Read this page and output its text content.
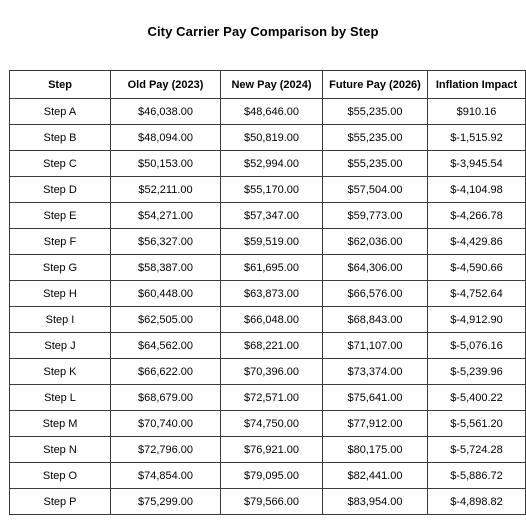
City Carrier Pay Comparison by Step
Step	Old Pay (2023)	New Pay (2024)	Future Pay (2026)	Inflation Impact
Step A	$46,038.00	$48,646.00	$55,235.00	$910.16
Step B	$48,094.00	$50,819.00	$55,235.00	$-1,515.92
Step C	$50,153.00	$52,994.00	$55,235.00	$-3,945.54
Step D	$52,211.00	$55,170.00	$57,504.00	$-4,104.98
Step E	$54,271.00	$57,347.00	$59,773.00	$-4,266.78
Step F	$56,327.00	$59,519.00	$62,036.00	$-4,429.86
Step G	$58,387.00	$61,695.00	$64,306.00	$-4,590.66
Step H	$60,448.00	$63,873.00	$66,576.00	$-4,752.64
Step I	$62,505.00	$66,048.00	$68,843.00	$-4,912.90
Step J	$64,562.00	$68,221.00	$71,107.00	$-5,076.16
Step K	$66,622.00	$70,396.00	$73,374.00	$-5,239.96
Step L	$68,679.00	$72,571.00	$75,641.00	$-5,400.22
Step M	$70,740.00	$74,750.00	$77,912.00	$-5,561.20
Step N	$72,796.00	$76,921.00	$80,175.00	$-5,724.28
Step O	$74,854.00	$79,095.00	$82,441.00	$-5,886.72
Step P	$75,299.00	$79,566.00	$83,954.00	$-4,898.82
